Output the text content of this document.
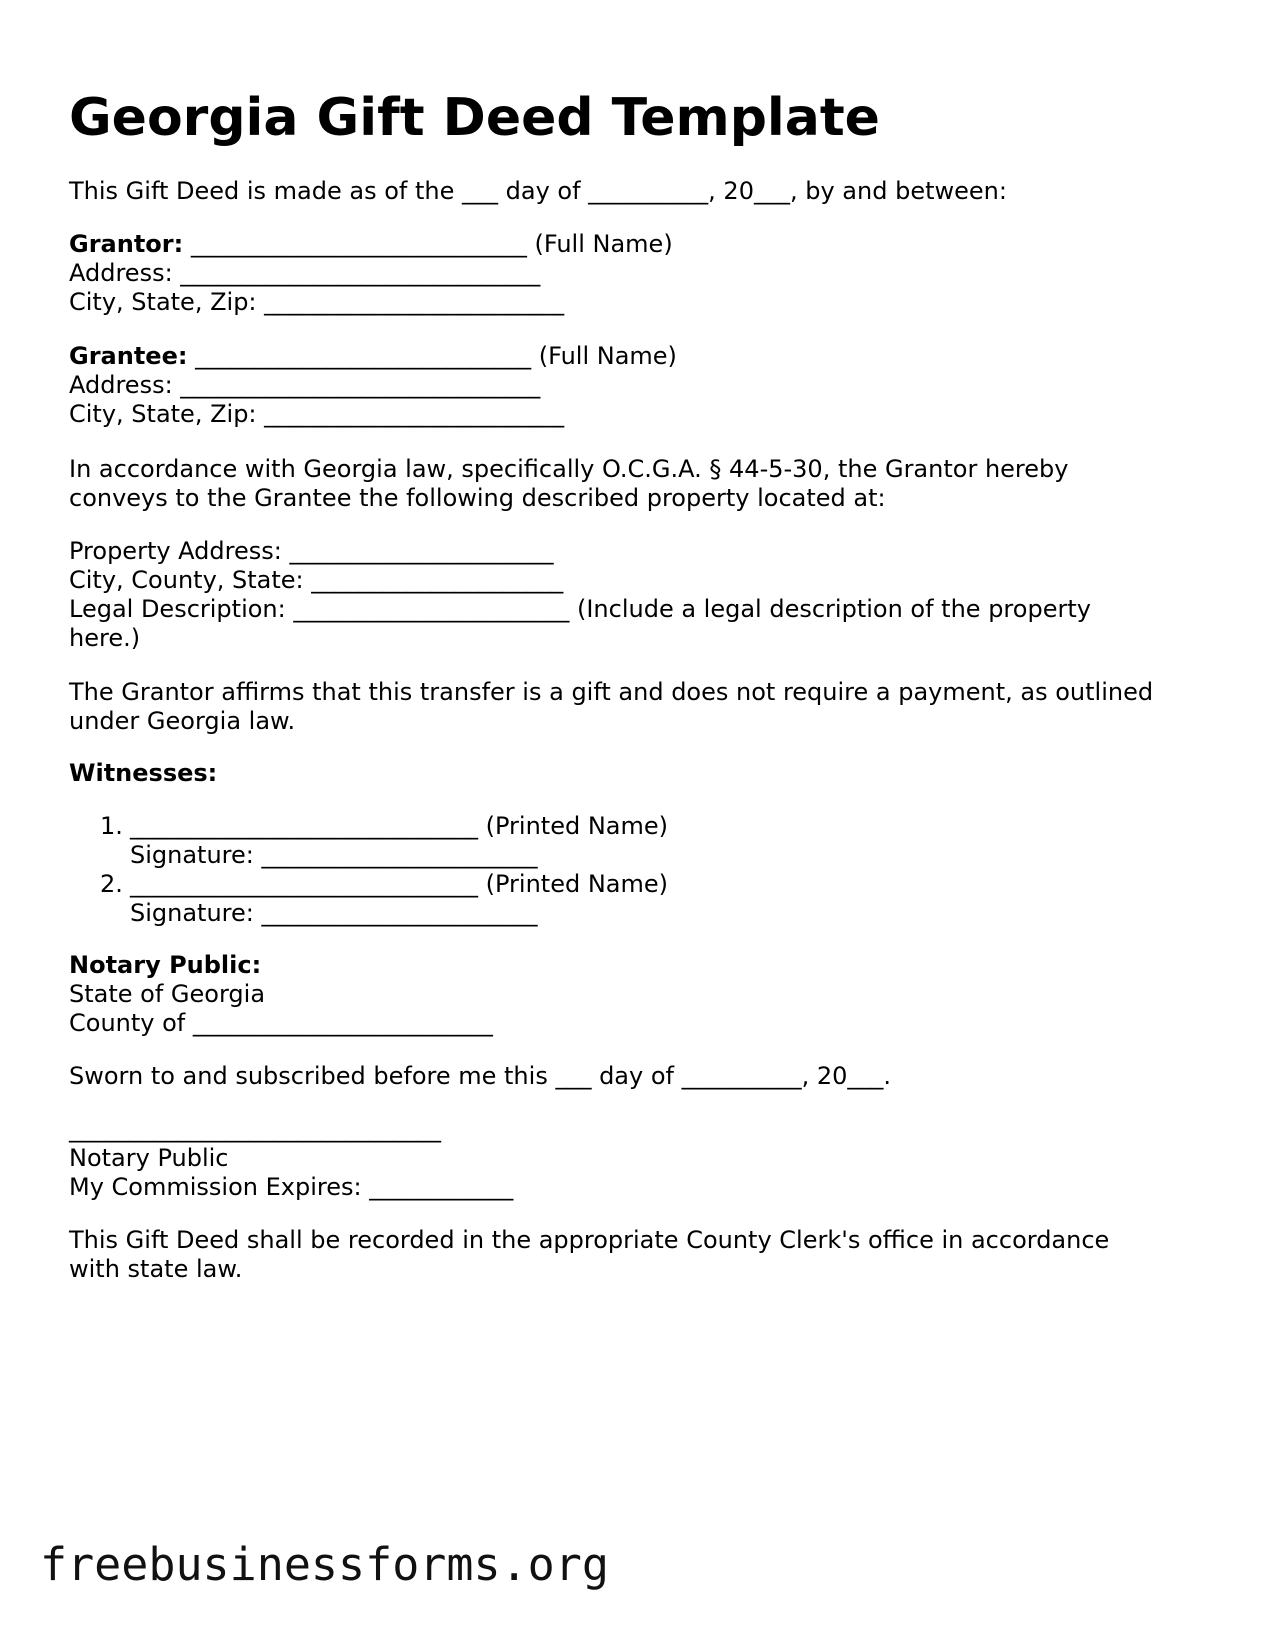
Georgia Gift Deed Template

This Gift Deed is made as of the ___ day of __________, 20___, by and between:

Grantor: ____________________________ (Full Name)
Address: ______________________________
City, State, Zip: _________________________
Grantee: ____________________________ (Full Name)
Address: ______________________________
City, State, Zip: _________________________

In accordance with Georgia law, specifically O.C.G.A. § 44-5-30, the Grantor hereby conveys to the Grantee the following described property located at:

Property Address: ______________________
City, County, State: _____________________
Legal Description: _______________________ (Include a legal description of the property here.)

The Grantor affirms that this transfer is a gift and does not require a payment, as outlined under Georgia law.

Witnesses:

1. _____________________________ (Printed Name)
Signature: _______________________
2. _____________________________ (Printed Name)
Signature: _______________________
Notary Public:
State of Georgia
County of _________________________

Sworn to and subscribed before me this ___ day of __________, 20___.

_______________________________
Notary Public
My Commission Expires: ____________

This Gift Deed shall be recorded in the appropriate County Clerk's office in accordance with state law.

freebusinessforms.org
